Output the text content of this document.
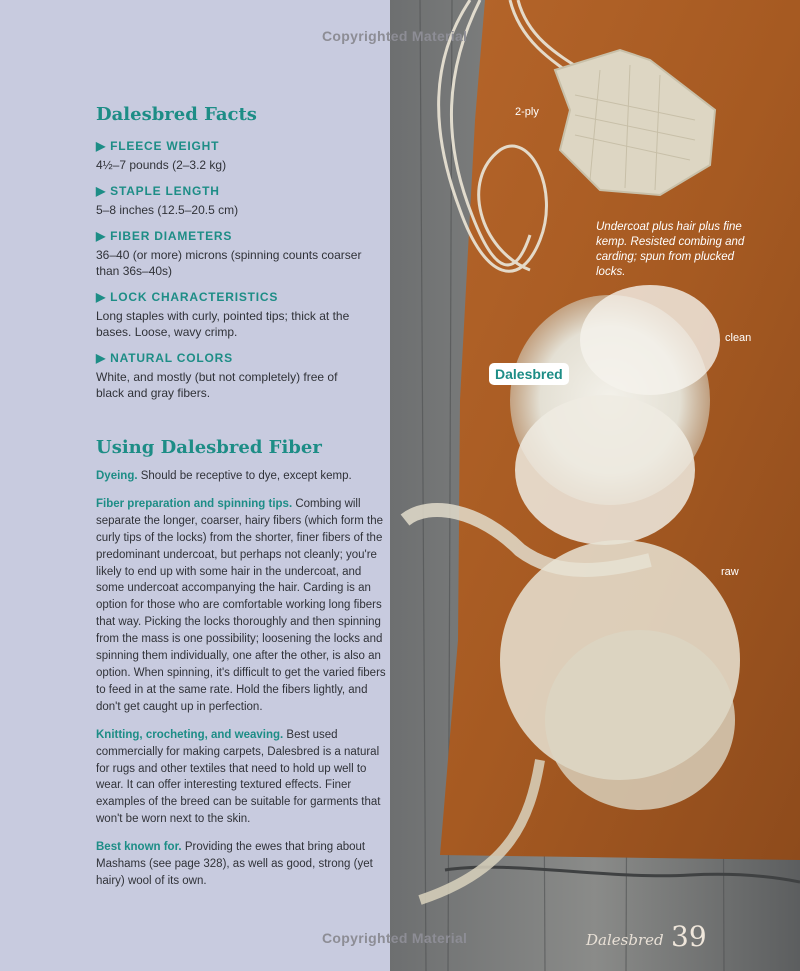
Copyrighted Material
Dalesbred Facts

▶ FLEECE WEIGHT

4½–7 pounds (2–3.2 kg)

▶ STAPLE LENGTH

5–8 inches (12.5–20.5 cm)

▶ FIBER DIAMETERS

36–40 (or more) microns (spinning counts coarser than 36s–40s)

▶ LOCK CHARACTERISTICS

Long staples with curly, pointed tips; thick at the bases. Loose, wavy crimp.

▶ NATURAL COLORS

White, and mostly (but not completely) free of black and gray fibers.

Using Dalesbred Fiber

Dyeing. Should be receptive to dye, except kemp.

Fiber preparation and spinning tips. Combing will separate the longer, coarser, hairy fibers (which form the curly tips of the locks) from the shorter, finer fibers of the predominant undercoat, but perhaps not cleanly; you're likely to end up with some hair in the undercoat, and some undercoat accompanying the hair. Carding is an option for those who are comfortable working long fibers that way. Picking the locks thoroughly and then spinning from the mass is one possibility; loosening the locks and spinning them individually, one after the other, is also an option. When spinning, it's difficult to get the varied fibers to feed in at the same rate. Hold the fibers lightly, and don't get caught up in perfection.

Knitting, crocheting, and weaving. Best used commercially for making carpets, Dalesbred is a natural for rugs and other textiles that need to hold up well to wear. It can offer interesting textured effects. Finer examples of the breed can be suitable for garments that won't be worn next to the skin.

Best known for. Providing the ewes that bring about Mashams (see page 328), as well as good, strong (yet hairy) wool of its own.

2-ply
Undercoat plus hair plus fine kemp. Resisted combing and carding; spun from plucked locks.
clean
Dalesbred
raw
Copyrighted Material	Dalesbred 39
